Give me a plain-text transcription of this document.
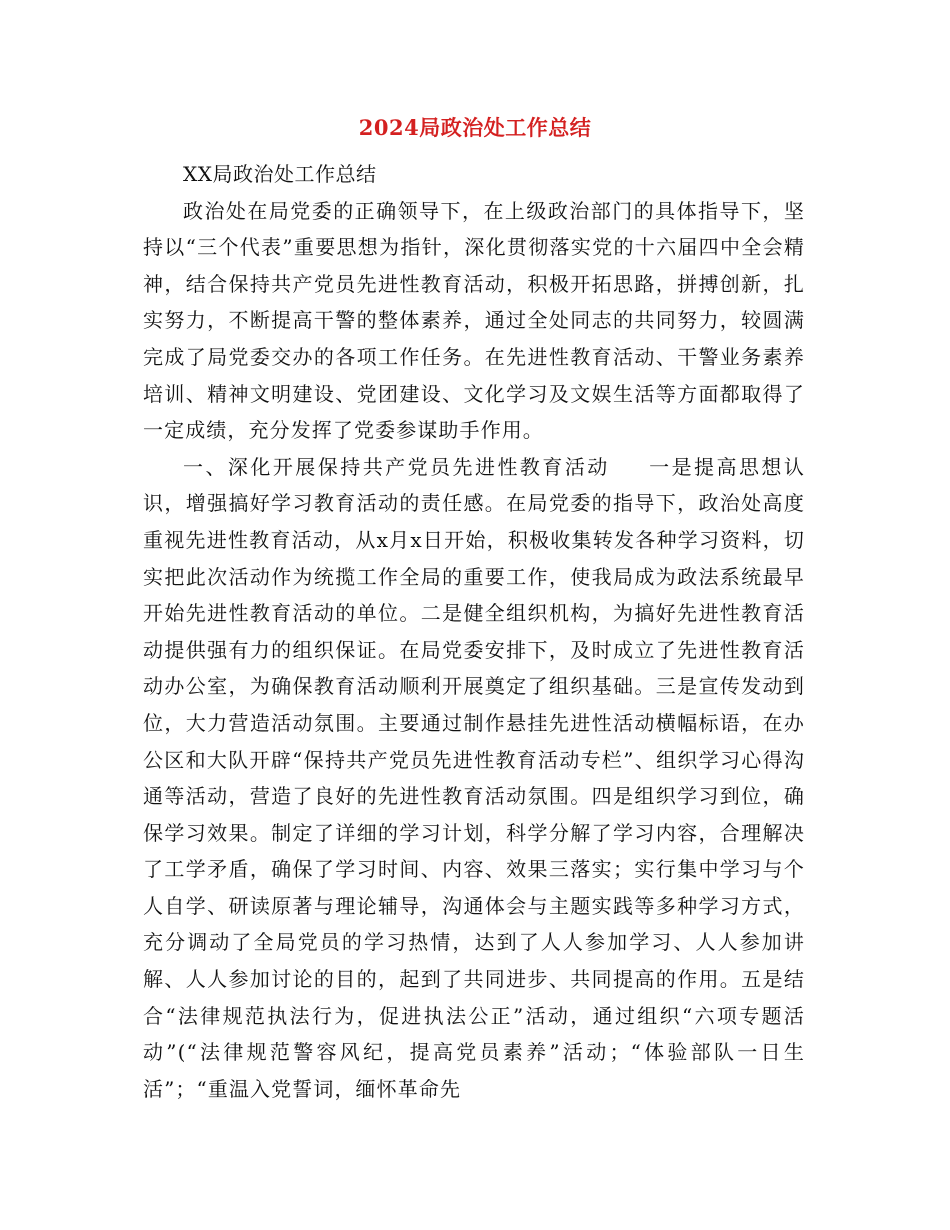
2024局政治处工作总结

XX局政治处工作总结

政治处在局党委的正确领导下，在上级政治部门的具体指导下，坚持以“三个代表”重要思想为指针，深化贯彻落实党的十六届四中全会精神，结合保持共产党员先进性教育活动，积极开拓思路，拼搏创新，扎实努力，不断提高干警的整体素养，通过全处同志的共同努力，较圆满完成了局党委交办的各项工作任务。在先进性教育活动、干警业务素养培训、精神文明建设、党团建设、文化学习及文娱生活等方面都取得了一定成绩，充分发挥了党委参谋助手作用。

一、深化开展保持共产党员先进性教育活动 一是提高思想认识，增强搞好学习教育活动的责任感。在局党委的指导下，政治处高度重视先进性教育活动，从x月x日开始，积极收集转发各种学习资料，切实把此次活动作为统揽工作全局的重要工作，使我局成为政法系统最早开始先进性教育活动的单位。二是健全组织机构，为搞好先进性教育活动提供强有力的组织保证。在局党委安排下，及时成立了先进性教育活动办公室，为确保教育活动顺利开展奠定了组织基础。三是宣传发动到位，大力营造活动氛围。主要通过制作悬挂先进性活动横幅标语，在办公区和大队开辟“保持共产党员先进性教育活动专栏”、组织学习心得沟通等活动，营造了良好的先进性教育活动氛围。四是组织学习到位，确保学习效果。制定了详细的学习计划，科学分解了学习内容，合理解决了工学矛盾，确保了学习时间、内容、效果三落实；实行集中学习与个人自学、研读原著与理论辅导，沟通体会与主题实践等多种学习方式，充分调动了全局党员的学习热情，达到了人人参加学习、人人参加讲解、人人参加讨论的目的，起到了共同进步、共同提高的作用。五是结合“法律规范执法行为，促进执法公正”活动，通过组织“六项专题活动”(“法律规范警容风纪，提高党员素养”活动；“体验部队一日生活”；“重温入党誓词，缅怀革命先
